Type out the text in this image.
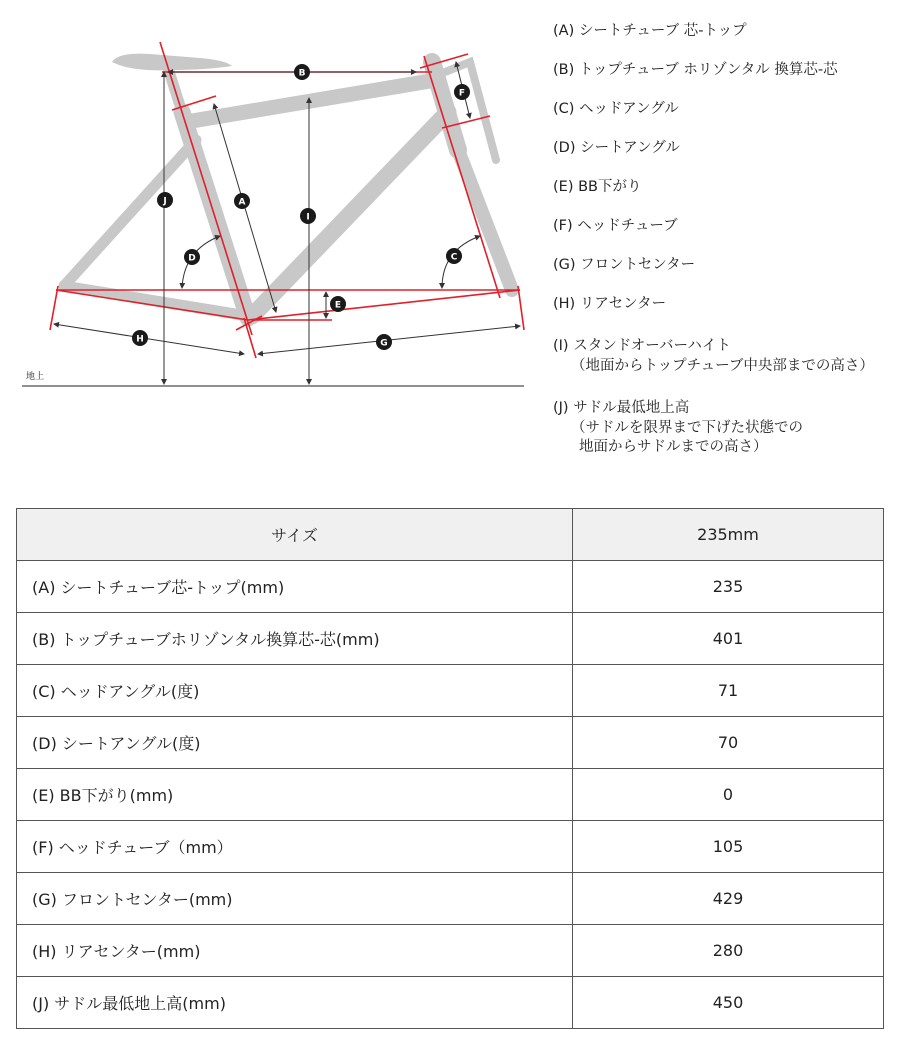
地上
A
B
C
D
E
F
G
H
I
J

(A) シートチューブ 芯-トップ

(B) トップチューブ ホリゾンタル 換算芯-芯

(C) ヘッドアングル

(D) シートアングル

(E) BB下がり

(F) ヘッドチューブ

(G) フロントセンター

(H) リアセンター

(I) スタンドオーバーハイト

（地面からトップチューブ中央部までの高さ）

(J) サドル最低地上高

（サドルを限界まで下げた状態での

地面からサドルまでの高さ）

サイズ	235mm
(A) シートチューブ芯-トップ(mm)	235
(B) トップチューブホリゾンタル換算芯-芯(mm)	401
(C) ヘッドアングル(度)	71
(D) シートアングル(度)	70
(E) BB下がり(mm)	0
(F) ヘッドチューブ（mm）	105
(G) フロントセンター(mm)	429
(H) リアセンター(mm)	280
(J) サドル最低地上高(mm)	450
